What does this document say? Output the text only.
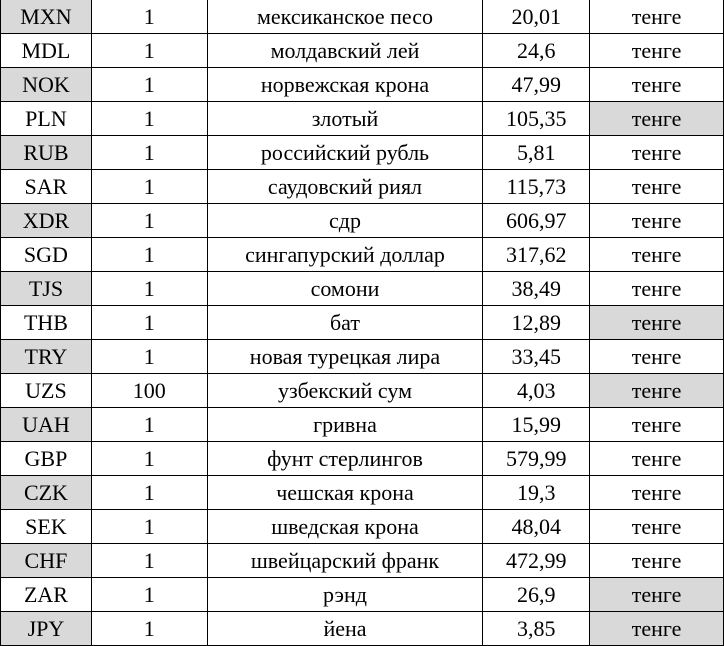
MXN	1	мексиканское песо	20,01	тенге
MDL	1	молдавский лей	24,6	тенге
NOK	1	норвежская крона	47,99	тенге
PLN	1	злотый	105,35	тенге
RUB	1	российский рубль	5,81	тенге
SAR	1	саудовский риял	115,73	тенге
XDR	1	сдр	606,97	тенге
SGD	1	сингапурский доллар	317,62	тенге
TJS	1	сомони	38,49	тенге
THB	1	бат	12,89	тенге
TRY	1	новая турецкая лира	33,45	тенге
UZS	100	узбекский сум	4,03	тенге
UAH	1	гривна	15,99	тенге
GBP	1	фунт стерлингов	579,99	тенге
CZK	1	чешская крона	19,3	тенге
SEK	1	шведская крона	48,04	тенге
CHF	1	швейцарский франк	472,99	тенге
ZAR	1	рэнд	26,9	тенге
JPY	1	йена	3,85	тенге
